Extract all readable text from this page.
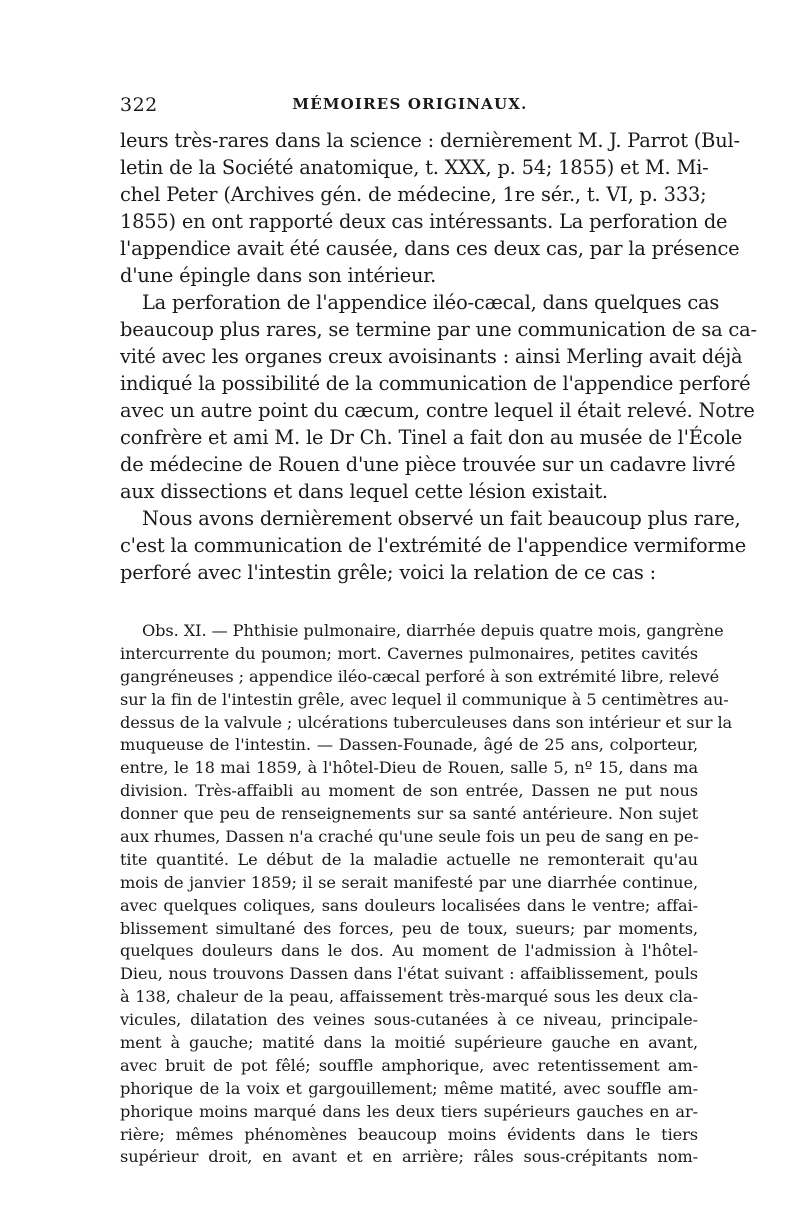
322	MÉMOIRES ORIGINAUX.
leurs très-rares dans la science : dernièrement M. J. Parrot (Bul-
letin de la Société anatomique, t. XXX, p. 54; 1855) et M. Mi-
chel Peter (Archives gén. de médecine, 1re sér., t. VI, p. 333;
1855) en ont rapporté deux cas intéressants. La perforation de
l'appendice avait été causée, dans ces deux cas, par la présence
d'une épingle dans son intérieur.
La perforation de l'appendice iléo-cæcal, dans quelques cas
beaucoup plus rares, se termine par une communication de sa ca-
vité avec les organes creux avoisinants : ainsi Merling avait déjà
indiqué la possibilité de la communication de l'appendice perforé
avec un autre point du cæcum, contre lequel il était relevé. Notre
confrère et ami M. le Dr Ch. Tinel a fait don au musée de l'École
de médecine de Rouen d'une pièce trouvée sur un cadavre livré
aux dissections et dans lequel cette lésion existait.
Nous avons dernièrement observé un fait beaucoup plus rare,
c'est la communication de l'extrémité de l'appendice vermiforme
perforé avec l'intestin grêle; voici la relation de ce cas :
Obs. XI. — Phthisie pulmonaire, diarrhée depuis quatre mois, gangrène
intercurrente du poumon; mort. Cavernes pulmonaires, petites cavités
gangréneuses ; appendice iléo-cæcal perforé à son extrémité libre, relevé
sur la fin de l'intestin grêle, avec lequel il communique à 5 centimètres au-
dessus de la valvule ; ulcérations tuberculeuses dans son intérieur et sur la
muqueuse de l'intestin. — Dassen-Founade, âgé de 25 ans, colporteur,
entre, le 18 mai 1859, à l'hôtel-Dieu de Rouen, salle 5, nº 15, dans ma
division. Très-affaibli au moment de son entrée, Dassen ne put nous
donner que peu de renseignements sur sa santé antérieure. Non sujet
aux rhumes, Dassen n'a craché qu'une seule fois un peu de sang en pe-
tite quantité. Le début de la maladie actuelle ne remonterait qu'au
mois de janvier 1859; il se serait manifesté par une diarrhée continue,
avec quelques coliques, sans douleurs localisées dans le ventre; affai-
blissement simultané des forces, peu de toux, sueurs; par moments,
quelques douleurs dans le dos. Au moment de l'admission à l'hôtel-
Dieu, nous trouvons Dassen dans l'état suivant : affaiblissement, pouls
à 138, chaleur de la peau, affaissement très-marqué sous les deux cla-
vicules, dilatation des veines sous-cutanées à ce niveau, principale-
ment à gauche; matité dans la moitié supérieure gauche en avant,
avec bruit de pot fêlé; souffle amphorique, avec retentissement am-
phorique de la voix et gargouillement; même matité, avec souffle am-
phorique moins marqué dans les deux tiers supérieurs gauches en ar-
rière; mêmes phénomènes beaucoup moins évidents dans le tiers
supérieur droit, en avant et en arrière; râles sous-crépitants nom-
